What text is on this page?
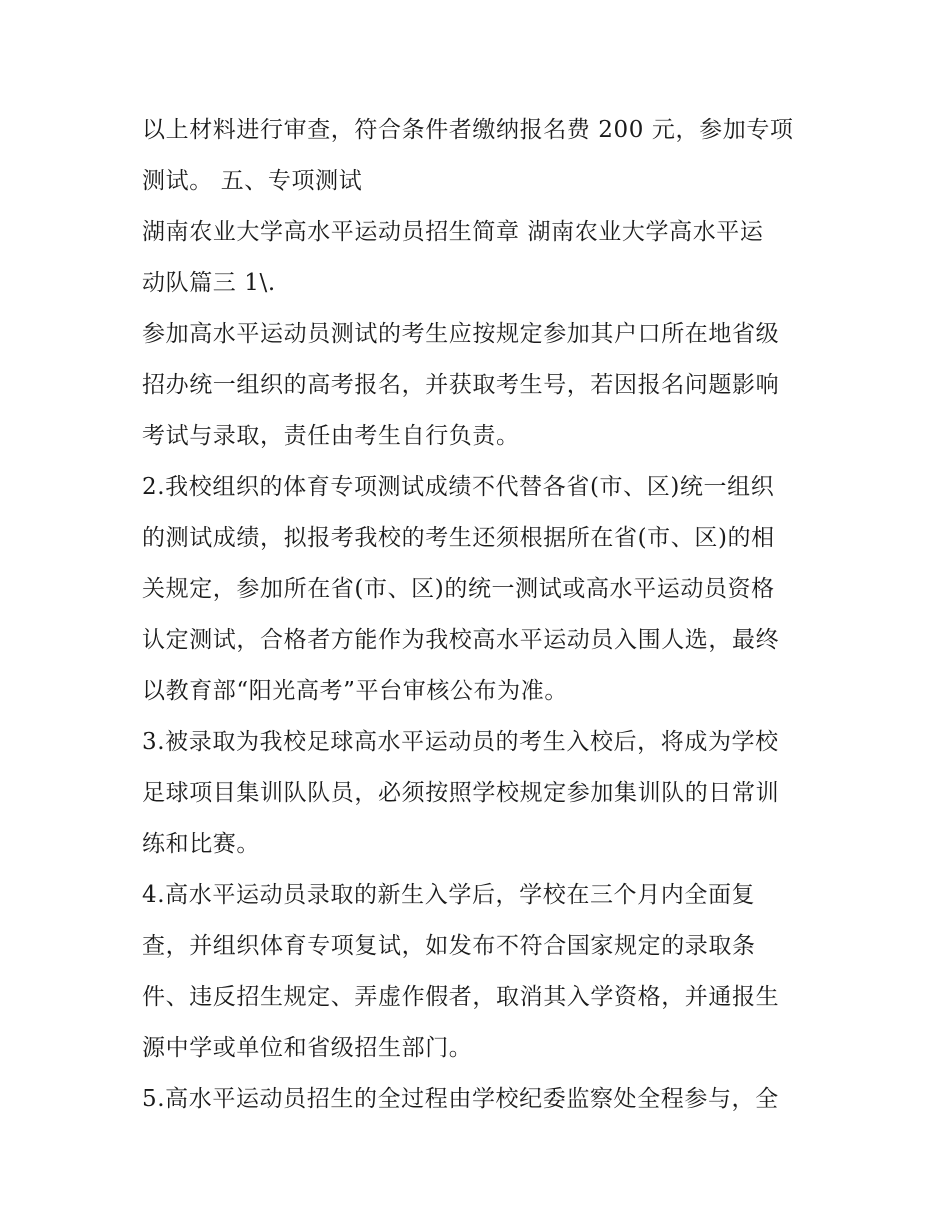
以上材料进行审查，符合条件者缴纳报名费 200 元，参加专项
测试。 五、专项测试
湖南农业大学高水平运动员招生简章 湖南农业大学高水平运
动队篇三 1\.
参加高水平运动员测试的考生应按规定参加其户口所在地省级
招办统一组织的高考报名，并获取考生号，若因报名问题影响
考试与录取，责任由考生自行负责。
2.我校组织的体育专项测试成绩不代替各省(市、区)统一组织
的测试成绩，拟报考我校的考生还须根据所在省(市、区)的相
关规定，参加所在省(市、区)的统一测试或高水平运动员资格
认定测试，合格者方能作为我校高水平运动员入围人选，最终
以教育部“阳光高考”平台审核公布为准。
3.被录取为我校足球高水平运动员的考生入校后，将成为学校
足球项目集训队队员，必须按照学校规定参加集训队的日常训
练和比赛。
4.高水平运动员录取的新生入学后，学校在三个月内全面复
查，并组织体育专项复试，如发布不符合国家规定的录取条
件、违反招生规定、弄虚作假者，取消其入学资格，并通报生
源中学或单位和省级招生部门。
5.高水平运动员招生的全过程由学校纪委监察处全程参与，全
